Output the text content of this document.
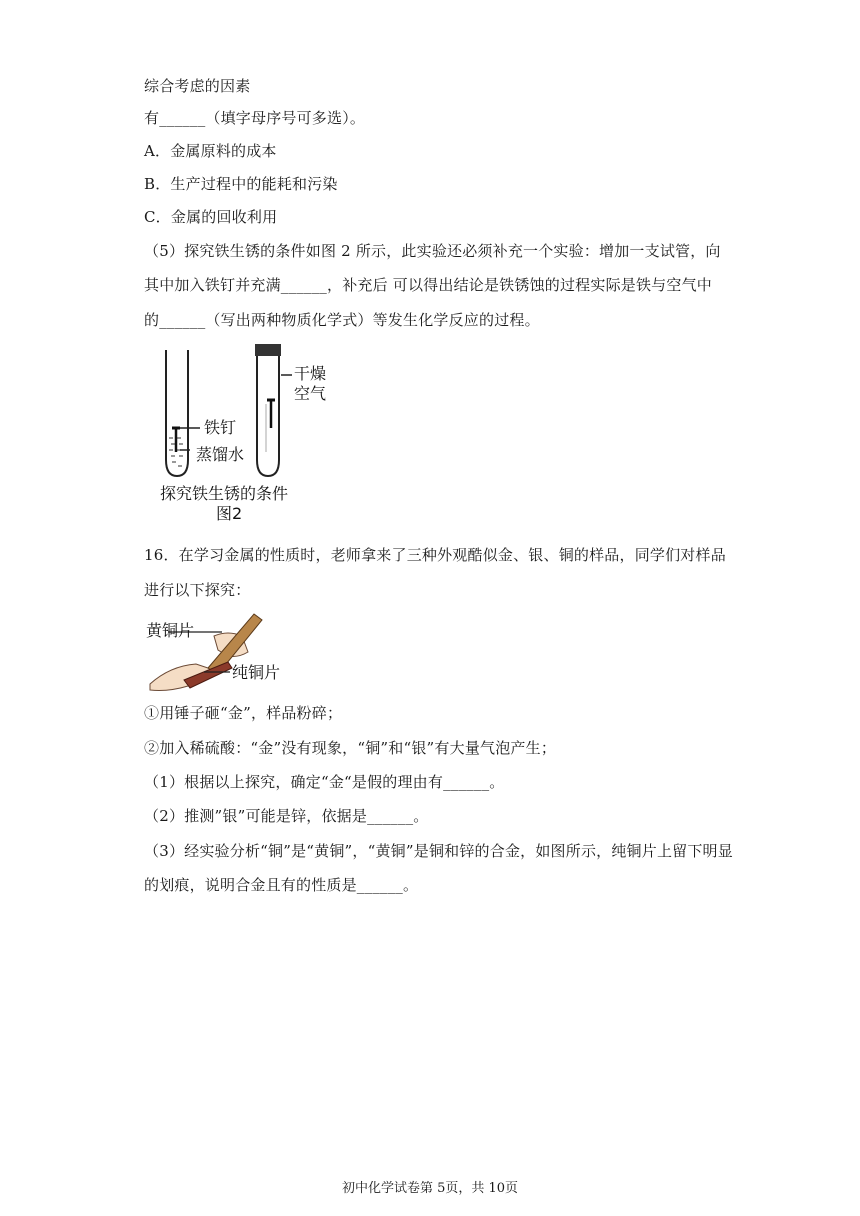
综合考虑的因素
有______（填字母序号可多选）。
A．金属原料的成本
B．生产过程中的能耗和污染
C．金属的回收利用
（5）探究铁生锈的条件如图 2 所示，此实验还必须补充一个实验：增加一支试管，向
其中加入铁钉并充满______，补充后 可以得出结论是铁锈蚀的过程实际是铁与空气中
的______（写出两种物质化学式）等发生化学反应的过程。
干燥
空气
铁钉
蒸馏水
探究铁生锈的条件
图2
16．在学习金属的性质时，老师拿来了三种外观酷似金、银、铜的样品，同学们对样品
进行以下探究：
黄铜片
纯铜片
①用锤子砸“金”，样品粉碎；
②加入稀硫酸：“金”没有现象，“铜”和“银”有大量气泡产生；
（1）根据以上探究，确定“金“是假的理由有______。
（2）推测”银”可能是锌，依据是______。
（3）经实验分析“铜”是“黄铜”，“黄铜”是铜和锌的合金，如图所示，纯铜片上留下明显
的划痕，说明合金且有的性质是______。
初中化学试卷第 5页，共 10页
